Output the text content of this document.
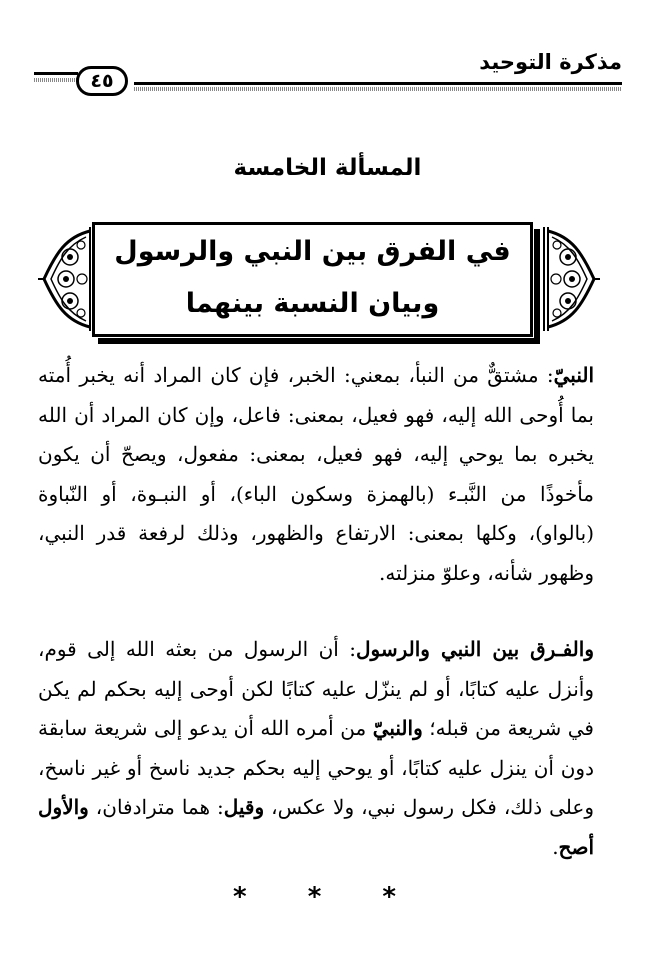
مذكرة التوحيد
٤٥
المسألة الخامسة
في الفرق بين النبي والرسول
وبيان النسبة بينهما
النبيّ: مشتقٌّ من النبأ، بمعني: الخبر، فإن كان المراد أنه يخبر أُمته بما أُوحى الله إليه، فهو فعيل، بمعنى: فاعل، وإن كان المراد أن الله يخبره بما يوحي إليه، فهو فعيل، بمعنى: مفعول، ويصحّ أن يكون مأخوذًا من النَّبـء (بالهمزة وسكون الباء)، أو النبـوة، أو النّباوة (بالواو)، وكلها بمعنى: الارتفاع والظهور، وذلك لرفعة قدر النبي، وظهور شأنه، وعلوّ منزلته.
والفـرق بين النبي والرسول: أن الرسول من بعثه الله إلى قوم، وأنزل عليه كتابًا، أو لم ينزّل عليه كتابًا لكن أوحى إليه بحكم لم يكن في شريعة من قبله؛ والنبيّ من أمره الله أن يدعو إلى شريعة سابقة دون أن ينزل عليه كتابًا، أو يوحي إليه بحكم جديد ناسخ أو غير ناسخ، وعلى ذلك، فكل رسول نبي، ولا عكس، وقيل: هما مترادفان، والأول أصح.
* * *
